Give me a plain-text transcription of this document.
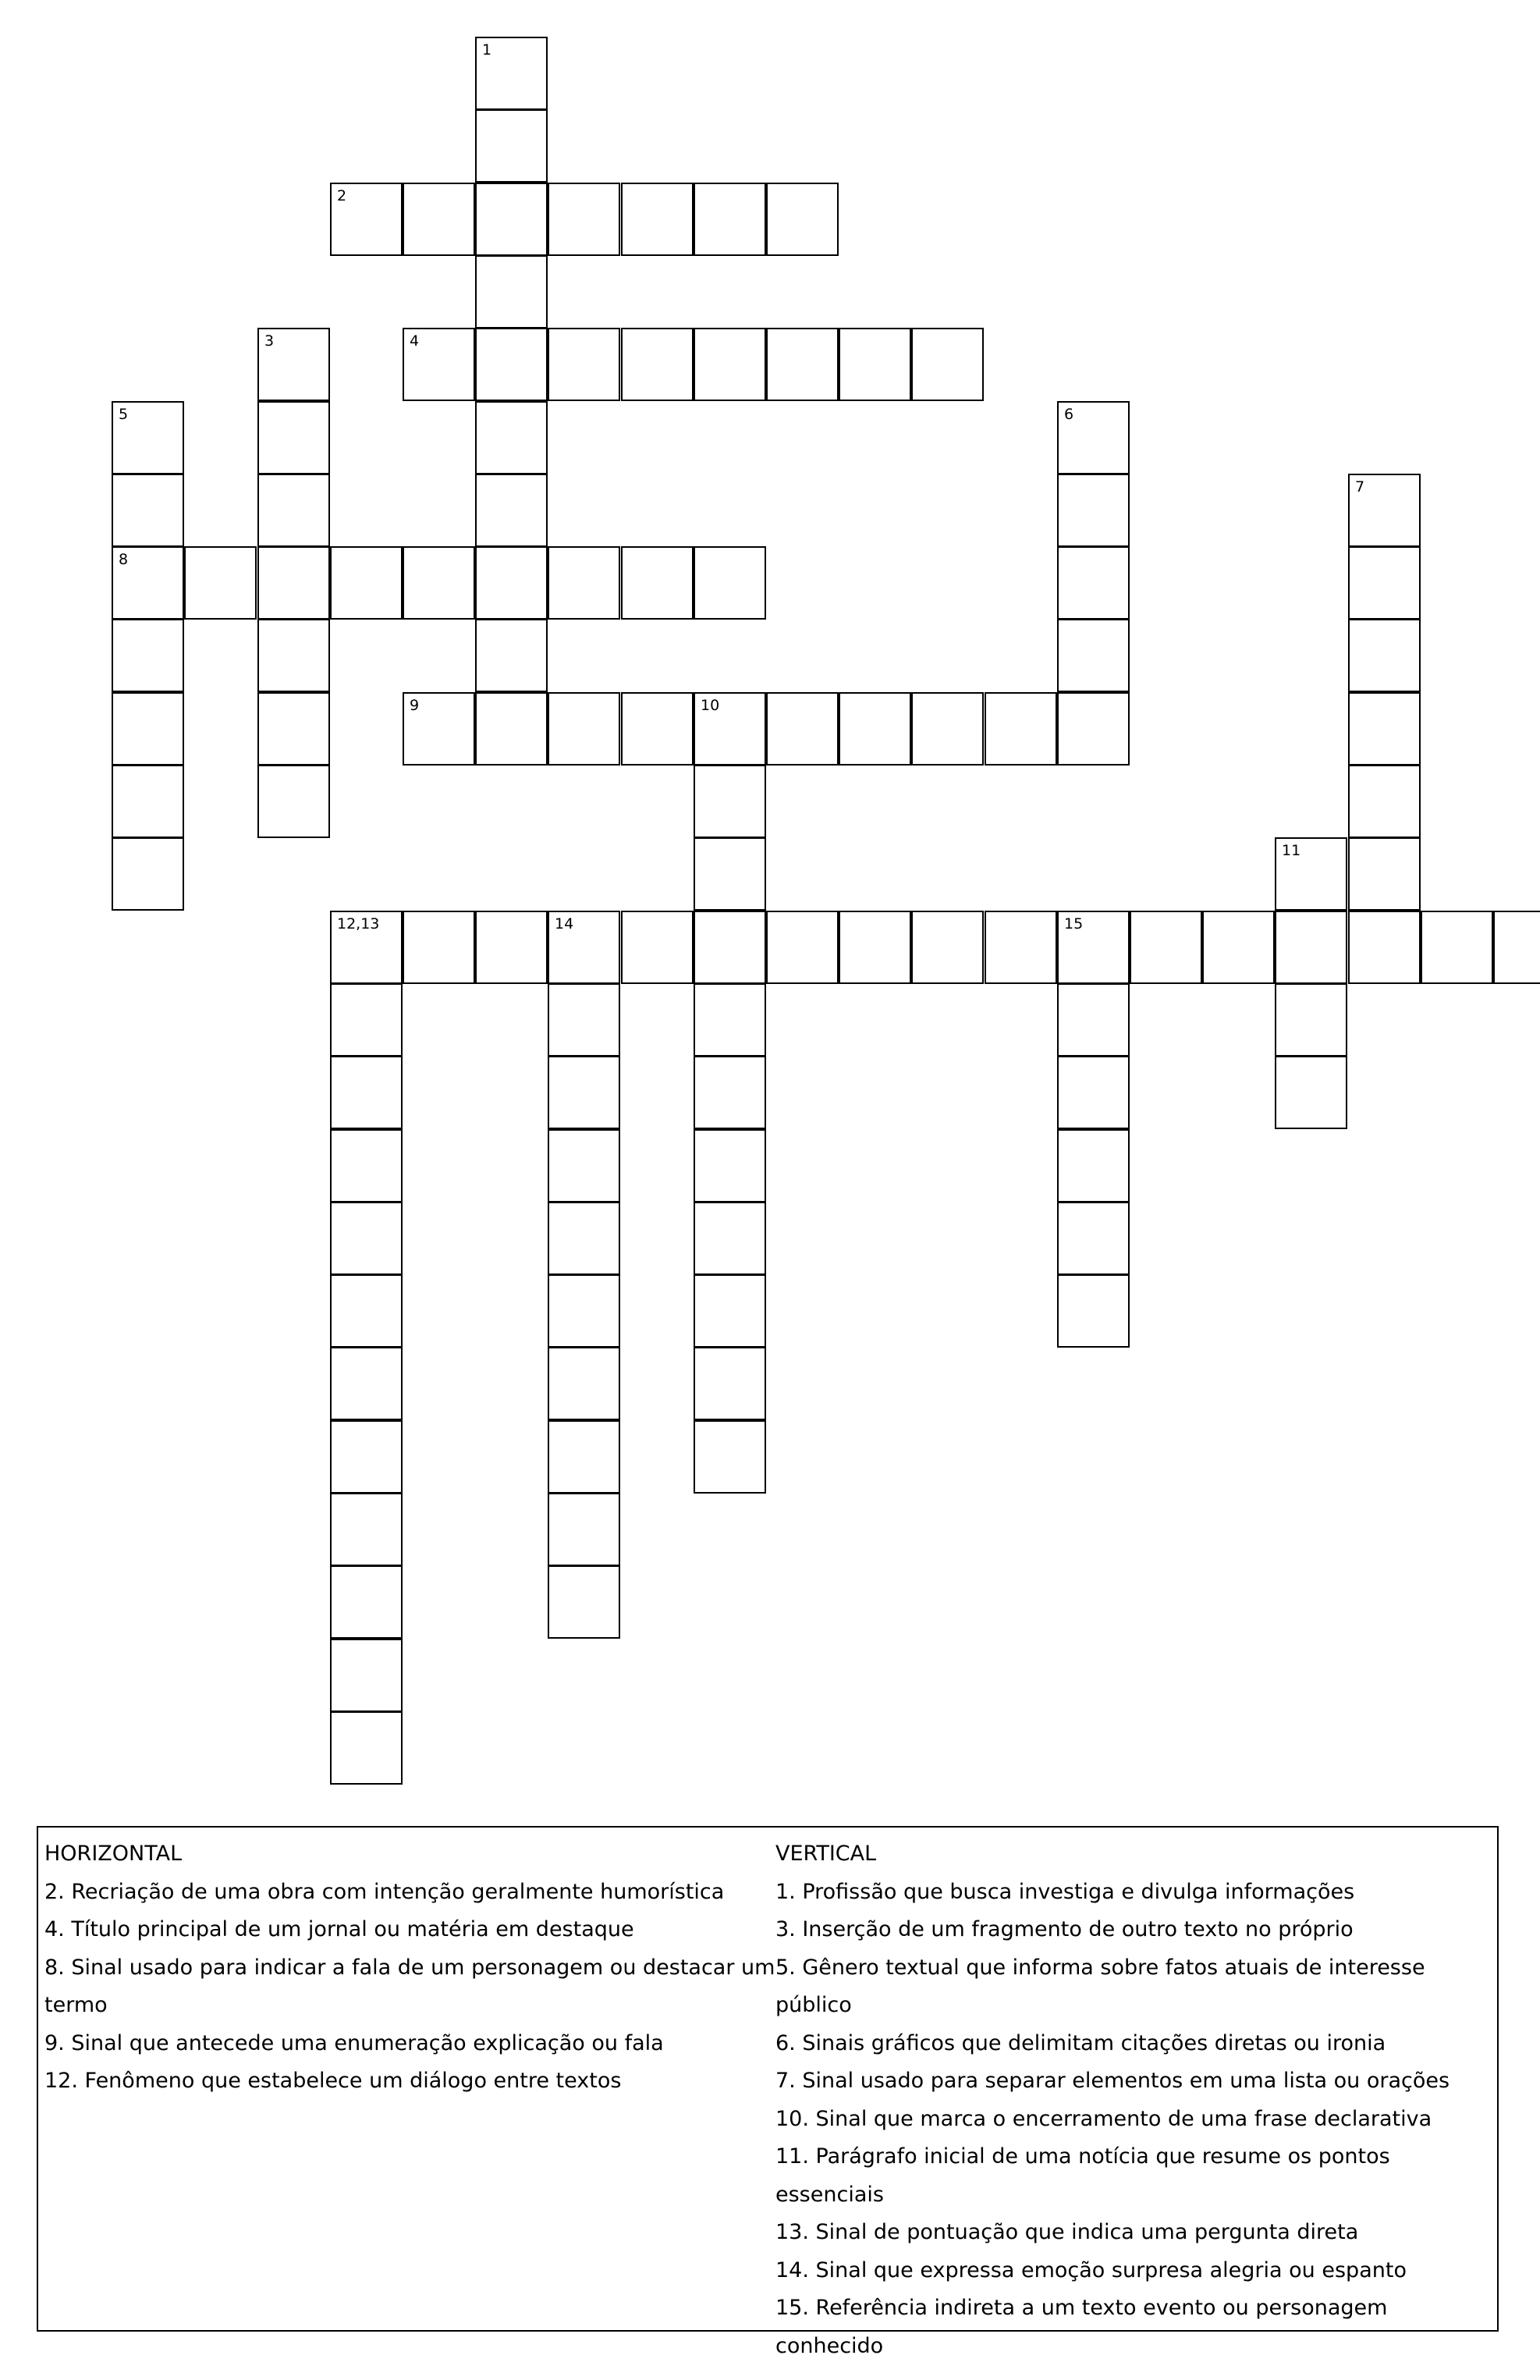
1
2
4
3
5
8
6
7
9	10
11
12,13	14	15
HORIZONTAL
2. Recriação de uma obra com intenção geralmente humorística
4. Título principal de um jornal ou matéria em destaque
8. Sinal usado para indicar a fala de um personagem ou destacar um termo
9. Sinal que antecede uma enumeração explicação ou fala
12. Fenômeno que estabelece um diálogo entre textos
VERTICAL
1. Profissão que busca investiga e divulga informações
3. Inserção de um fragmento de outro texto no próprio
5. Gênero textual que informa sobre fatos atuais de interesse público
6. Sinais gráficos que delimitam citações diretas ou ironia
7. Sinal usado para separar elementos em uma lista ou orações
10. Sinal que marca o encerramento de uma frase declarativa
11. Parágrafo inicial de uma notícia que resume os pontos essenciais
13. Sinal de pontuação que indica uma pergunta direta
14. Sinal que expressa emoção surpresa alegria ou espanto
15. Referência indireta a um texto evento ou personagem conhecido
